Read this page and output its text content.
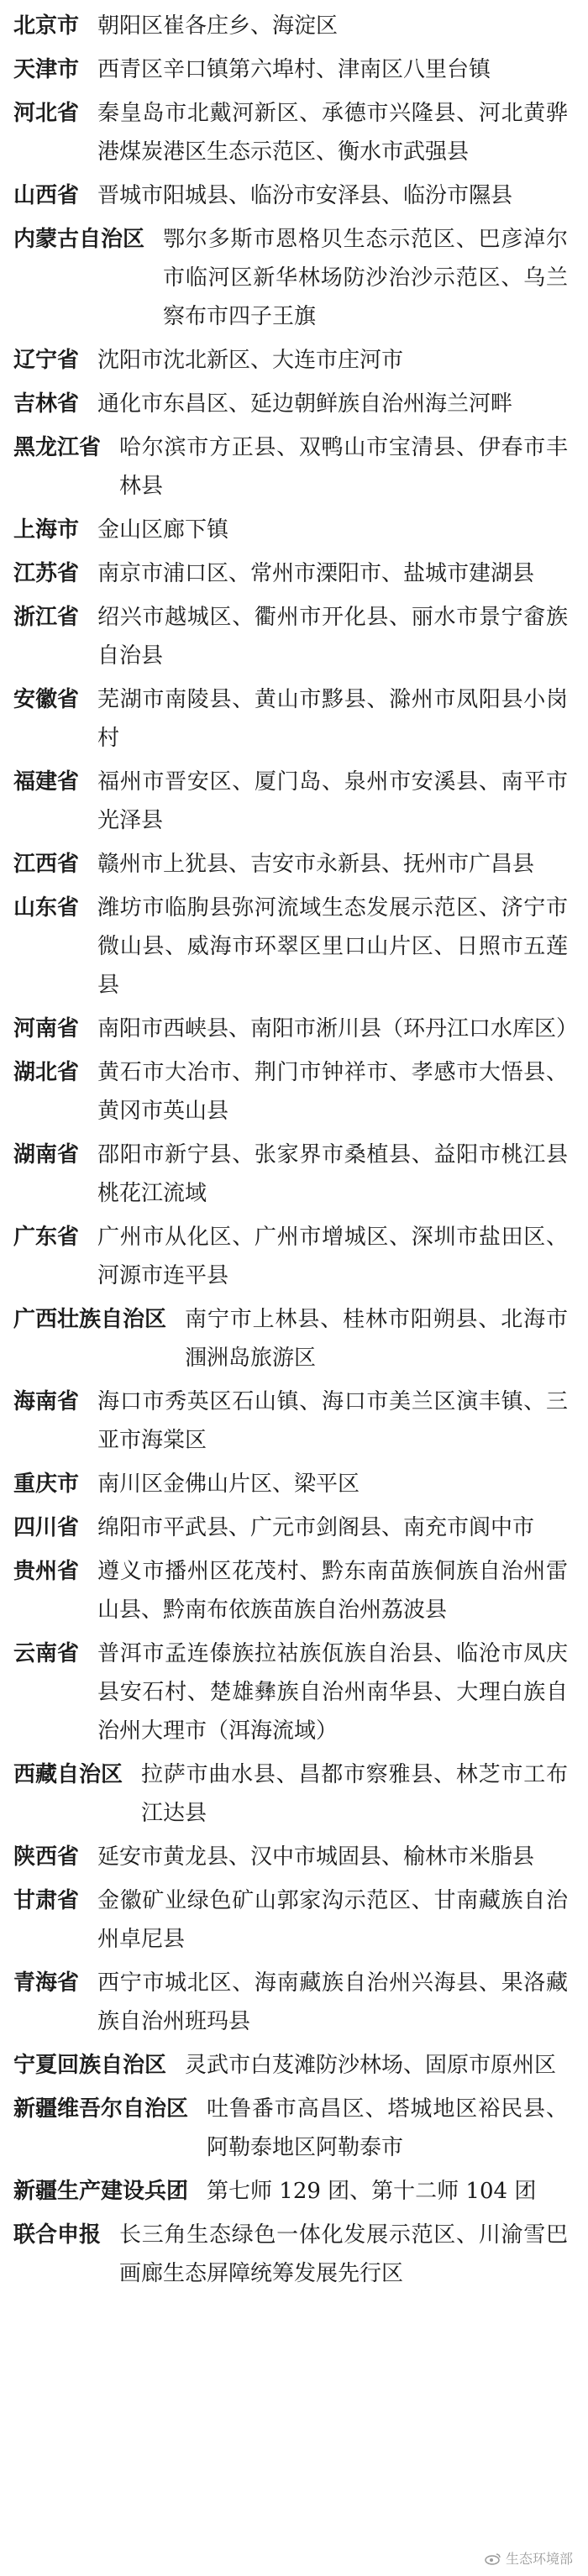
北京市 朝阳区崔各庄乡、海淀区
天津市 西青区辛口镇第六埠村、津南区八里台镇
河北省 秦皇岛市北戴河新区、承德市兴隆县、河北黄骅港煤炭港区生态示范区、衡水市武强县
山西省 晋城市阳城县、临汾市安泽县、临汾市隰县
内蒙古自治区 鄂尔多斯市恩格贝生态示范区、巴彦淖尔市临河区新华林场防沙治沙示范区、乌兰察布市四子王旗
辽宁省 沈阳市沈北新区、大连市庄河市
吉林省 通化市东昌区、延边朝鲜族自治州海兰河畔
黑龙江省 哈尔滨市方正县、双鸭山市宝清县、伊春市丰林县
上海市 金山区廊下镇
江苏省 南京市浦口区、常州市溧阳市、盐城市建湖县
浙江省 绍兴市越城区、衢州市开化县、丽水市景宁畲族自治县
安徽省 芜湖市南陵县、黄山市黟县、滁州市凤阳县小岗村
福建省 福州市晋安区、厦门岛、泉州市安溪县、南平市光泽县
江西省 赣州市上犹县、吉安市永新县、抚州市广昌县
山东省 潍坊市临朐县弥河流域生态发展示范区、济宁市微山县、威海市环翠区里口山片区、日照市五莲县
河南省 南阳市西峡县、南阳市淅川县（环丹江口水库区）
湖北省 黄石市大冶市、荆门市钟祥市、孝感市大悟县、黄冈市英山县
湖南省 邵阳市新宁县、张家界市桑植县、益阳市桃江县桃花江流域
广东省 广州市从化区、广州市增城区、深圳市盐田区、河源市连平县
广西壮族自治区 南宁市上林县、桂林市阳朔县、北海市涠洲岛旅游区
海南省 海口市秀英区石山镇、海口市美兰区演丰镇、三亚市海棠区
重庆市 南川区金佛山片区、梁平区
四川省 绵阳市平武县、广元市剑阁县、南充市阆中市
贵州省 遵义市播州区花茂村、黔东南苗族侗族自治州雷山县、黔南布依族苗族自治州荔波县
云南省 普洱市孟连傣族拉祜族佤族自治县、临沧市凤庆县安石村、楚雄彝族自治州南华县、大理白族自治州大理市（洱海流域）
西藏自治区 拉萨市曲水县、昌都市察雅县、林芝市工布江达县
陕西省 延安市黄龙县、汉中市城固县、榆林市米脂县
甘肃省 金徽矿业绿色矿山郭家沟示范区、甘南藏族自治州卓尼县
青海省 西宁市城北区、海南藏族自治州兴海县、果洛藏族自治州班玛县
宁夏回族自治区 灵武市白芨滩防沙林场、固原市原州区
新疆维吾尔自治区 吐鲁番市高昌区、塔城地区裕民县、阿勒泰地区阿勒泰市
新疆生产建设兵团 第七师 129 团、第十二师 104 团
联合申报 长三角生态绿色一体化发展示范区、川渝雪巴画廊生态屏障统筹发展先行区
生态环境部
